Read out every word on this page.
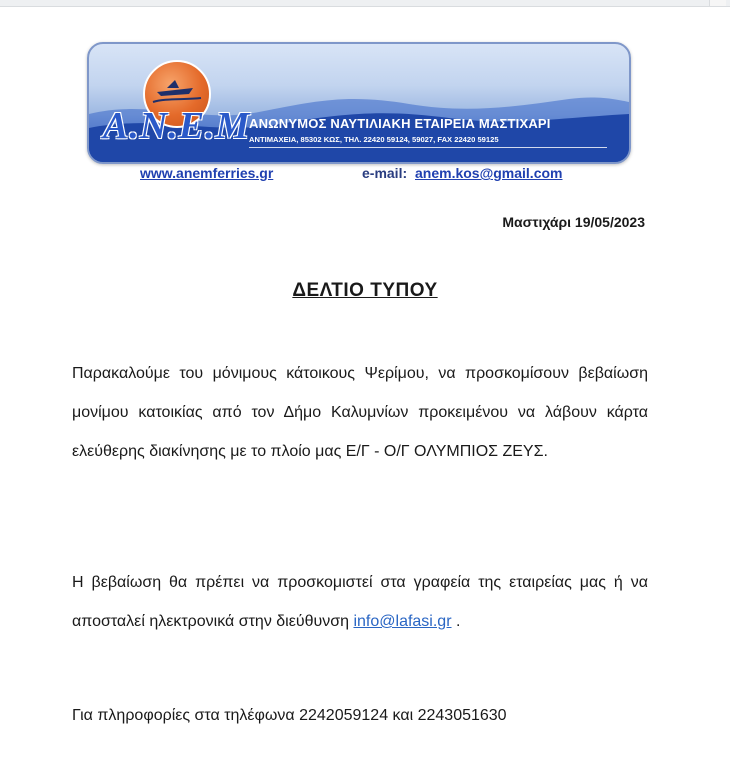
Α.Ν.Ε.Μ
ΑΝΩΝΥΜΟΣ ΝΑΥΤΙΛΙΑΚΗ ΕΤΑΙΡΕΙΑ ΜΑΣΤΙΧΑΡΙ
ΑΝΤΙΜΑΧΕΙΑ, 85302 ΚΩΣ, ΤΗΛ. 22420 59124, 59027, FAX 22420 59125
www.anemferries.gr	e-mail: anem.kos@gmail.com
Μαστιχάρι 19/05/2023
ΔΕΛΤΙΟ ΤΥΠΟΥ
Παρακαλούμε του μόνιμους κάτοικους Ψερίμου, να προσκομίσουν βεβαίωση μονίμου κατοικίας από τον Δήμο Καλυμνίων προκειμένου να λάβουν κάρτα ελεύθερης διακίνησης με το πλοίο μας Ε/Γ - Ο/Γ ΟΛΥΜΠΙΟΣ ΖΕΥΣ.
Η βεβαίωση θα πρέπει να προσκομιστεί στα γραφεία της εταιρείας μας ή να αποσταλεί ηλεκτρονικά στην διεύθυνση info@lafasi.gr .
Για πληροφορίες στα τηλέφωνα 2242059124 και 2243051630
